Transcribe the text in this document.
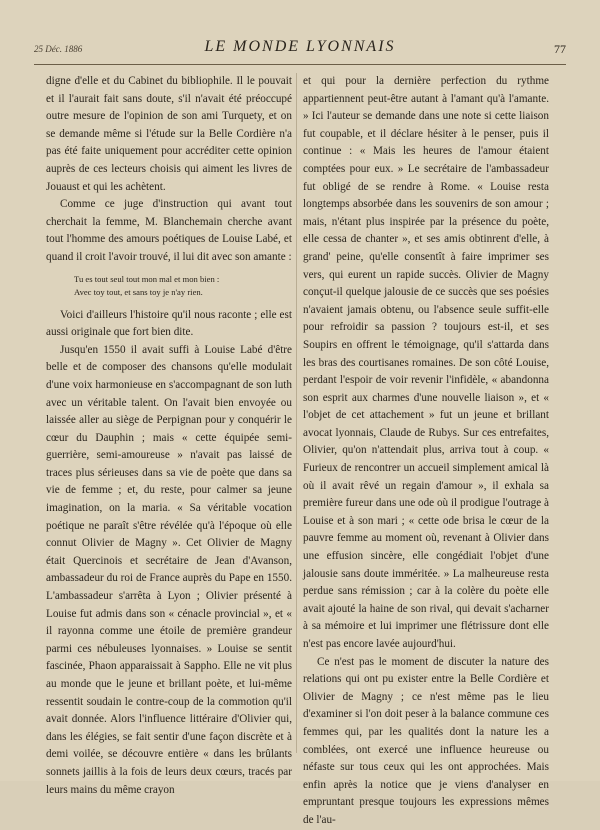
25 Déc. 1886	LE MONDE LYONNAIS	77

digne d'elle et du Cabinet du bibliophile. Il le pouvait et il l'aurait fait sans doute, s'il n'avait été préoccupé outre mesure de l'opinion de son ami Turquety, et on se demande même si l'étude sur la Belle Cordière n'a pas été faite uniquement pour accréditer cette opinion auprès de ces lecteurs choisis qui aiment les livres de Jouaust et qui les achètent.

Comme ce juge d'instruction qui avant tout cherchait la femme, M. Blanchemain cherche avant tout l'homme des amours poétiques de Louise Labé, et quand il croit l'avoir trouvé, il lui dit avec son amante :

Tu es tout seul tout mon mal et mon bien :
Avec toy tout, et sans toy je n'ay rien.

Voici d'ailleurs l'histoire qu'il nous raconte ; elle est aussi originale que fort bien dite.

Jusqu'en 1550 il avait suffi à Louise Labé d'être belle et de composer des chansons qu'elle modulait d'une voix harmonieuse en s'accompagnant de son luth avec un véritable talent. On l'avait bien envoyée ou laissée aller au siège de Perpignan pour y conquérir le cœur du Dauphin ; mais « cette équipée semi-guerrière, semi-amoureuse » n'avait pas laissé de traces plus sérieuses dans sa vie de poète que dans sa vie de femme ; et, du reste, pour calmer sa jeune imagination, on la maria. « Sa véritable vocation poétique ne paraît s'être révélée qu'à l'époque où elle connut Olivier de Magny ». Cet Olivier de Magny était Quercinois et secrétaire de Jean d'Avanson, ambassadeur du roi de France auprès du Pape en 1550. L'ambassadeur s'arrêta à Lyon ; Olivier présenté à Louise fut admis dans son « cénacle provincial », et « il rayonna comme une étoile de première grandeur parmi ces nébuleuses lyonnaises. » Louise se sentit fascinée, Phaon apparaissait à Sappho. Elle ne vit plus au monde que le jeune et brillant poète, et lui-même ressentit soudain le contre-coup de la commotion qu'il avait donnée. Alors l'influence littéraire d'Olivier qui, dans les élégies, se fait sentir d'une façon discrète et à demi voilée, se découvre entière « dans les brûlants sonnets jaillis à la fois de leurs deux cœurs, tracés par leurs mains du même crayon

et qui pour la dernière perfection du rythme appartiennent peut-être autant à l'amant qu'à l'amante. » Ici l'auteur se demande dans une note si cette liaison fut coupable, et il déclare hésiter à le penser, puis il continue : « Mais les heures de l'amour étaient comptées pour eux. » Le secrétaire de l'ambassadeur fut obligé de se rendre à Rome. « Louise resta longtemps absorbée dans les souvenirs de son amour ; mais, n'étant plus inspirée par la présence du poète, elle cessa de chanter », et ses amis obtinrent d'elle, à grand' peine, qu'elle consentît à faire imprimer ses vers, qui eurent un rapide succès. Olivier de Magny conçut-il quelque jalousie de ce succès que ses poésies n'avaient jamais obtenu, ou l'absence seule suffit-elle pour refroidir sa passion ? toujours est-il, et ses Soupirs en offrent le témoignage, qu'il s'attarda dans les bras des courtisanes romaines. De son côté Louise, perdant l'espoir de voir revenir l'infidèle, « abandonna son esprit aux charmes d'une nouvelle liaison », et « l'objet de cet attachement » fut un jeune et brillant avocat lyonnais, Claude de Rubys. Sur ces entrefaites, Olivier, qu'on n'attendait plus, arriva tout à coup. « Furieux de rencontrer un accueil simplement amical là où il avait rêvé un regain d'amour », il exhala sa première fureur dans une ode où il prodigue l'outrage à Louise et à son mari ; « cette ode brisa le cœur de la pauvre femme au moment où, revenant à Olivier dans une effusion sincère, elle congédiait l'objet d'une jalousie sans doute imméritée. » La malheureuse resta perdue sans rémission ; car à la colère du poète elle avait ajouté la haine de son rival, qui devait s'acharner à sa mémoire et lui imprimer une flétrissure dont elle n'est pas encore lavée aujourd'hui.

Ce n'est pas le moment de discuter la nature des relations qui ont pu exister entre la Belle Cordière et Olivier de Magny ; ce n'est même pas le lieu d'examiner si l'on doit peser à la balance commune ces femmes qui, par les qualités dont la nature les a comblées, ont exercé une influence heureuse ou néfaste sur tous ceux qui les ont approchées. Mais enfin après la notice que je viens d'analyser en empruntant presque toujours les expressions mêmes de l'au-
